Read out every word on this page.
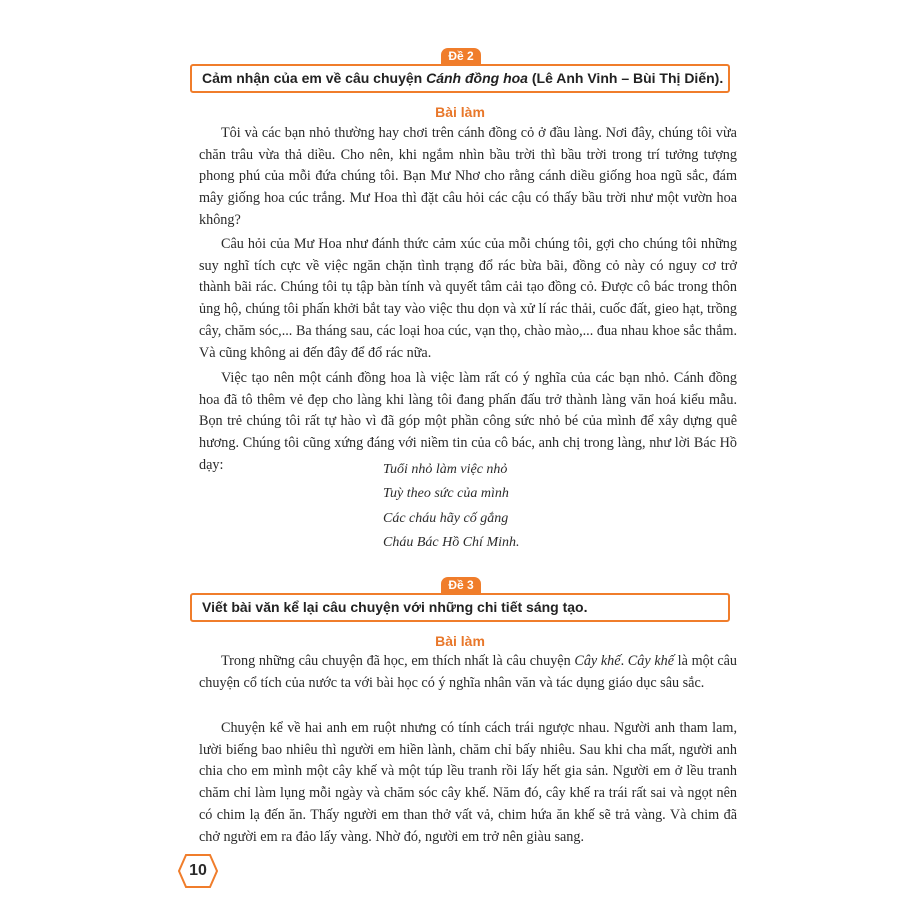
Đề 2
Cảm nhận của em về câu chuyện Cánh đồng hoa (Lê Anh Vinh – Bùi Thị Diến).
Bài làm

Tôi và các bạn nhỏ thường hay chơi trên cánh đồng cỏ ở đầu làng. Nơi đây, chúng tôi vừa chăn trâu vừa thả diều. Cho nên, khi ngắm nhìn bầu trời thì bầu trời trong trí tưởng tượng phong phú của mỗi đứa chúng tôi. Bạn Mư Nhơ cho rằng cánh diều giống hoa ngũ sắc, đám mây giống hoa cúc trắng. Mư Hoa thì đặt câu hỏi các cậu có thấy bầu trời như một vườn hoa không?

Câu hỏi của Mư Hoa như đánh thức cảm xúc của mỗi chúng tôi, gợi cho chúng tôi những suy nghĩ tích cực về việc ngăn chặn tình trạng đổ rác bừa bãi, đồng cỏ này có nguy cơ trở thành bãi rác. Chúng tôi tụ tập bàn tính và quyết tâm cải tạo đồng cỏ. Được cô bác trong thôn ủng hộ, chúng tôi phấn khởi bắt tay vào việc thu dọn và xử lí rác thải, cuốc đất, gieo hạt, trồng cây, chăm sóc,... Ba tháng sau, các loại hoa cúc, vạn thọ, chào mào,... đua nhau khoe sắc thắm. Và cũng không ai đến đây để đổ rác nữa.

Việc tạo nên một cánh đồng hoa là việc làm rất có ý nghĩa của các bạn nhỏ. Cánh đồng hoa đã tô thêm vẻ đẹp cho làng khi làng tôi đang phấn đấu trở thành làng văn hoá kiểu mẫu. Bọn trẻ chúng tôi rất tự hào vì đã góp một phần công sức nhỏ bé của mình để xây dựng quê hương. Chúng tôi cũng xứng đáng với niềm tin của cô bác, anh chị trong làng, như lời Bác Hồ dạy:	Tuổi nhỏ làm việc nhỏ
Tuỳ theo sức của mình
Các cháu hãy cố gắng
Cháu Bác Hồ Chí Minh.
Đề 3
Viết bài văn kể lại câu chuyện với những chi tiết sáng tạo.
Bài làm

Trong những câu chuyện đã học, em thích nhất là câu chuyện Cây khế. Cây khế là một câu chuyện cổ tích của nước ta với bài học có ý nghĩa nhân văn và tác dụng giáo dục sâu sắc.

Chuyện kể về hai anh em ruột nhưng có tính cách trái ngược nhau. Người anh tham lam, lười biếng bao nhiêu thì người em hiền lành, chăm chỉ bấy nhiêu. Sau khi cha mất, người anh chia cho em mình một cây khế và một túp lều tranh rồi lấy hết gia sản. Người em ở lều tranh chăm chỉ làm lụng mỗi ngày và chăm sóc cây khế. Năm đó, cây khế ra trái rất sai và ngọt nên có chim lạ đến ăn. Thấy người em than thở vất vả, chim hứa ăn khế sẽ trả vàng. Và chim đã chở người em ra đảo lấy vàng. Nhờ đó, người em trở nên giàu sang.

10
